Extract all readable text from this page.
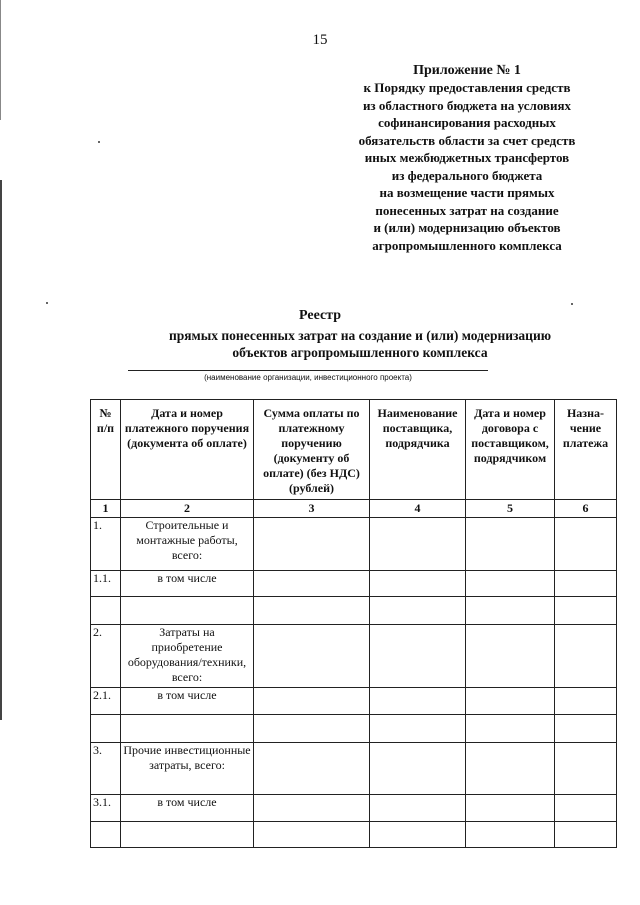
15
Приложение № 1
к Порядку предоставления средств
из областного бюджета на условиях
софинансирования расходных
обязательств области за счет средств
иных межбюджетных трансфертов
из федерального бюджета
на возмещение части прямых
понесенных затрат на создание
и (или) модернизацию объектов
агропромышленного комплекса
Реестр
прямых понесенных затрат на создание и (или) модернизацию
объектов агропромышленного комплекса
(наименование организации, инвестиционного проекта)
№ п/п	Дата и номер платежного поручения (документа об оплате)	Сумма оплаты по платежному поручению (документу об оплате) (без НДС) (рублей)	Наименование поставщика, подрядчика	Дата и номер договора с поставщиком, подрядчиком	Назна- чение платежа
1	2	3	4	5	6
1.	Строительные и монтажные работы, всего:				
1.1.	в том числе				

2.	Затраты на приобретение оборудования/техники, всего:				
2.1.	в том числе				

3.	Прочие инвестиционные затраты, всего:				
3.1.	в том числе				
